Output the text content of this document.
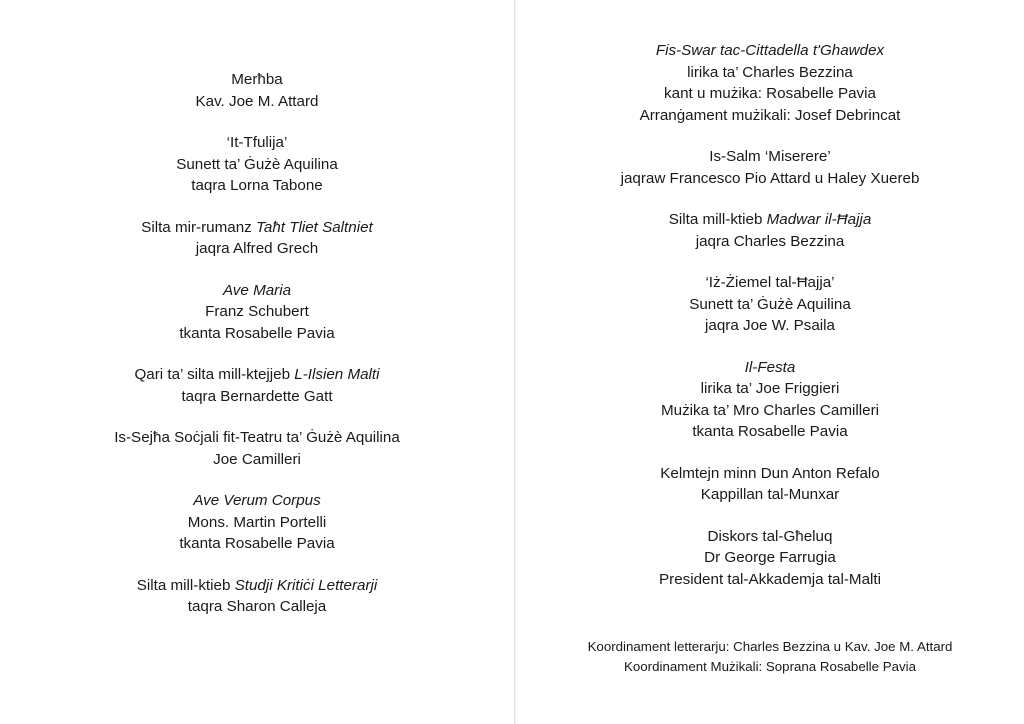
Merħba
Kav. Joe M. Attard
‘It-Tfulija’
Sunett ta’ Ġużè Aquilina
taqra Lorna Tabone
Silta mir-rumanz Taħt Tliet Saltniet
jaqra Alfred Grech
Ave Maria
Franz Schubert
tkanta Rosabelle Pavia
Qari ta’ silta mill-ktejjeb L-Ilsien Malti
taqra Bernardette Gatt
Is-Sejħa Soċjali fit-Teatru ta’ Ġużè Aquilina
Joe Camilleri
Ave Verum Corpus
Mons. Martin Portelli
tkanta Rosabelle Pavia
Silta mill-ktieb Studji Kritiċi Letterarji
taqra Sharon Calleja
Fis-Swar tac-Cittadella t'Ghawdex
lirika ta’ Charles Bezzina
kant u mużika: Rosabelle Pavia
Arranġament mużikali: Josef Debrincat
Is-Salm ‘Miserere’
jaqraw Francesco Pio Attard u Haley Xuereb
Silta mill-ktieb Madwar il-Ħajja
jaqra Charles Bezzina
‘Iż-Żiemel tal-Ħajja’
Sunett ta’ Ġużè Aquilina
jaqra Joe W. Psaila
Il-Festa
lirika ta’ Joe Friggieri
Mużika ta’ Mro Charles Camilleri
tkanta Rosabelle Pavia
Kelmtejn minn Dun Anton Refalo
Kappillan tal-Munxar
Diskors tal-Għeluq
Dr George Farrugia
President tal-Akkademja tal-Malti
Koordinament letterarju: Charles Bezzina u Kav. Joe M. Attard
Koordinament Mużikali: Soprana Rosabelle Pavia
